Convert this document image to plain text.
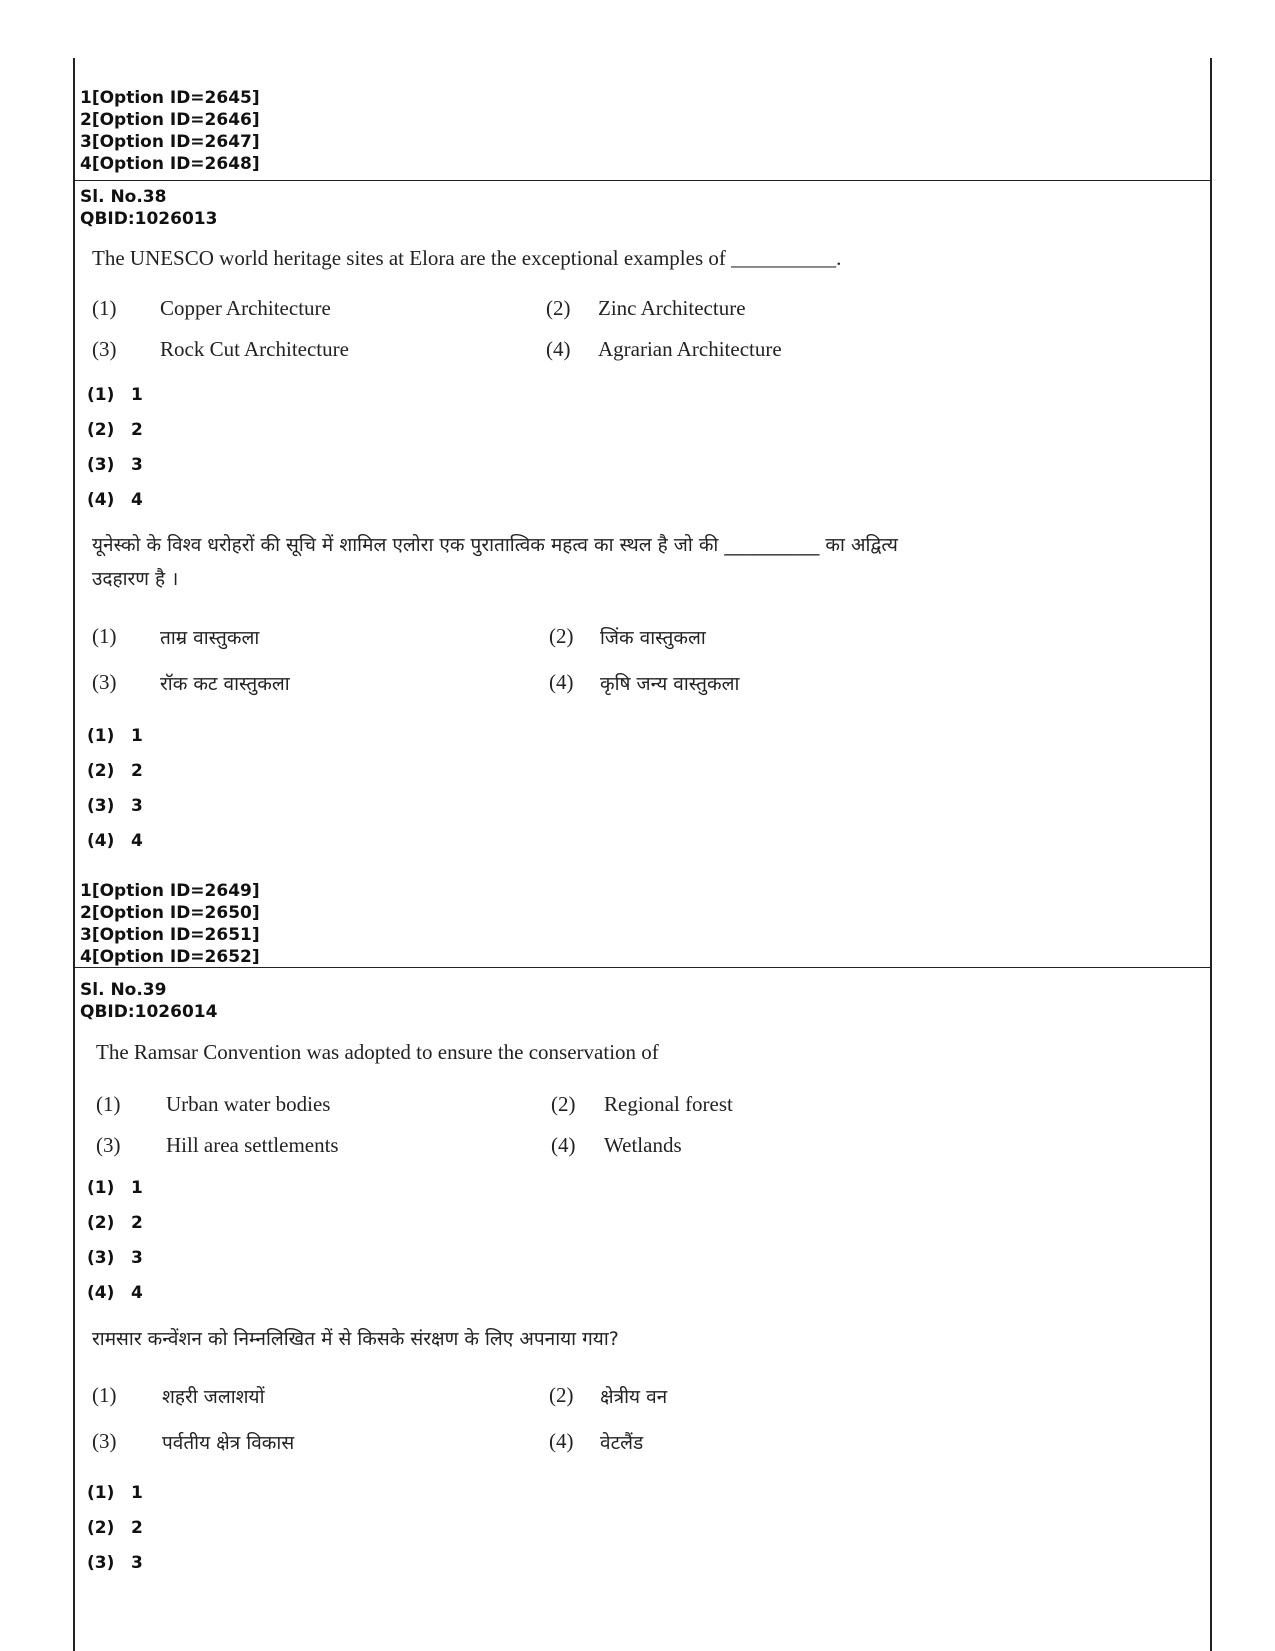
1[Option ID=2645]
2[Option ID=2646]
3[Option ID=2647]
4[Option ID=2648]
Sl. No.38
QBID:1026013
The UNESCO world heritage sites at Elora are the exceptional examples of __________.
(1) Copper Architecture	(2) Zinc Architecture
(3) Rock Cut Architecture	(4) Agrarian Architecture
(1) 1
(2) 2
(3) 3
(4) 4
यूनेस्को के विश्व धरोहरों की सूचि में शामिल एलोरा एक पुरातात्विक महत्व का स्थल है जो की __________ का अद्वित्य
उदहारण है ।
(1) ताम्र वास्तुकला	(2) जिंक वास्तुकला
(3) रॉक कट वास्तुकला	(4) कृषि जन्य वास्तुकला
(1) 1
(2) 2
(3) 3
(4) 4
1[Option ID=2649]
2[Option ID=2650]
3[Option ID=2651]
4[Option ID=2652]
Sl. No.39
QBID:1026014
The Ramsar Convention was adopted to ensure the conservation of
(1) Urban water bodies	(2) Regional forest
(3) Hill area settlements	(4) Wetlands
(1) 1
(2) 2
(3) 3
(4) 4
रामसार कन्वेंशन को निम्नलिखित में से किसके संरक्षण के लिए अपनाया गया?
(1) शहरी जलाशयों	(2) क्षेत्रीय वन
(3) पर्वतीय क्षेत्र विकास	(4) वेटलैंड
(1) 1
(2) 2
(3) 3
